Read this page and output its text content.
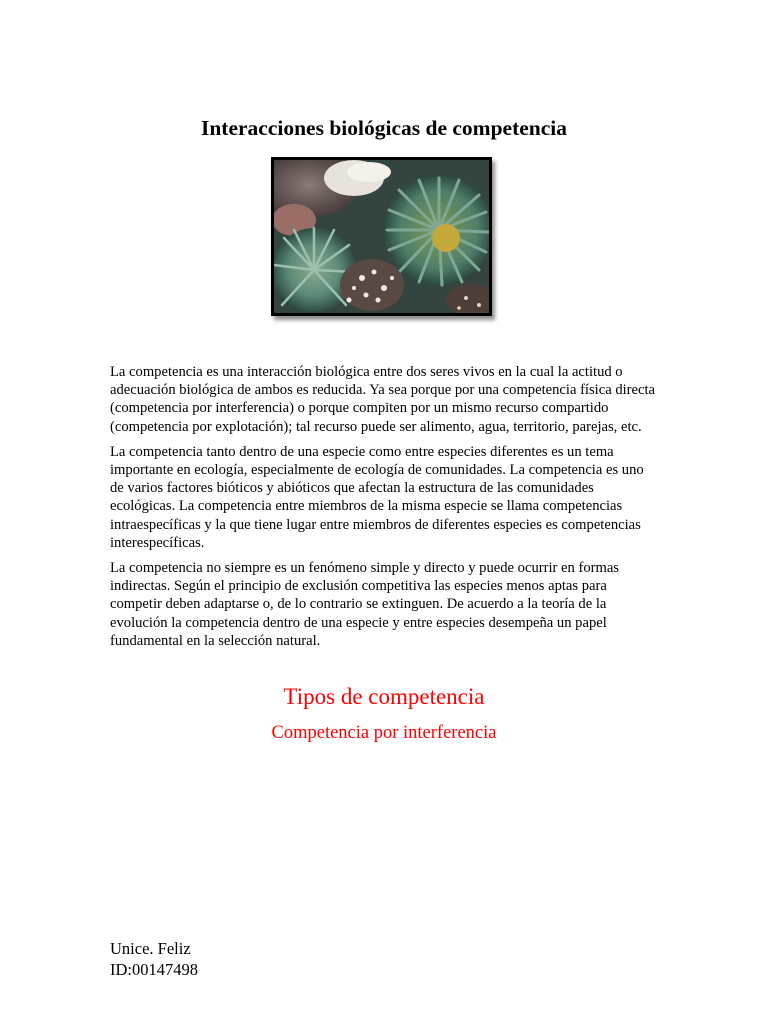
Interacciones biológicas de competencia

La competencia es una interacción biológica entre dos seres vivos en la cual la actitud o adecuación biológica de ambos es reducida. Ya sea porque por una competencia física directa (competencia por interferencia) o porque compiten por un mismo recurso compartido (competencia por explotación); tal recurso puede ser alimento, agua, territorio, parejas, etc.

La competencia tanto dentro de una especie como entre especies diferentes es un tema importante en ecología, especialmente de ecología de comunidades. La competencia es uno de varios factores bióticos y abióticos que afectan la estructura de las comunidades ecológicas. La competencia entre miembros de la misma especie se llama competencias intraespecíficas y la que tiene lugar entre miembros de diferentes especies es competencias interespecíficas.

La competencia no siempre es un fenómeno simple y directo y puede ocurrir en formas indirectas. Según el principio de exclusión competitiva las especies menos aptas para competir deben adaptarse o, de lo contrario se extinguen. De acuerdo a la teoría de la evolución la competencia dentro de una especie y entre especies desempeña un papel fundamental en la selección natural.

Tipos de competencia
Competencia por interferencia
Unice. Feliz
ID:00147498
